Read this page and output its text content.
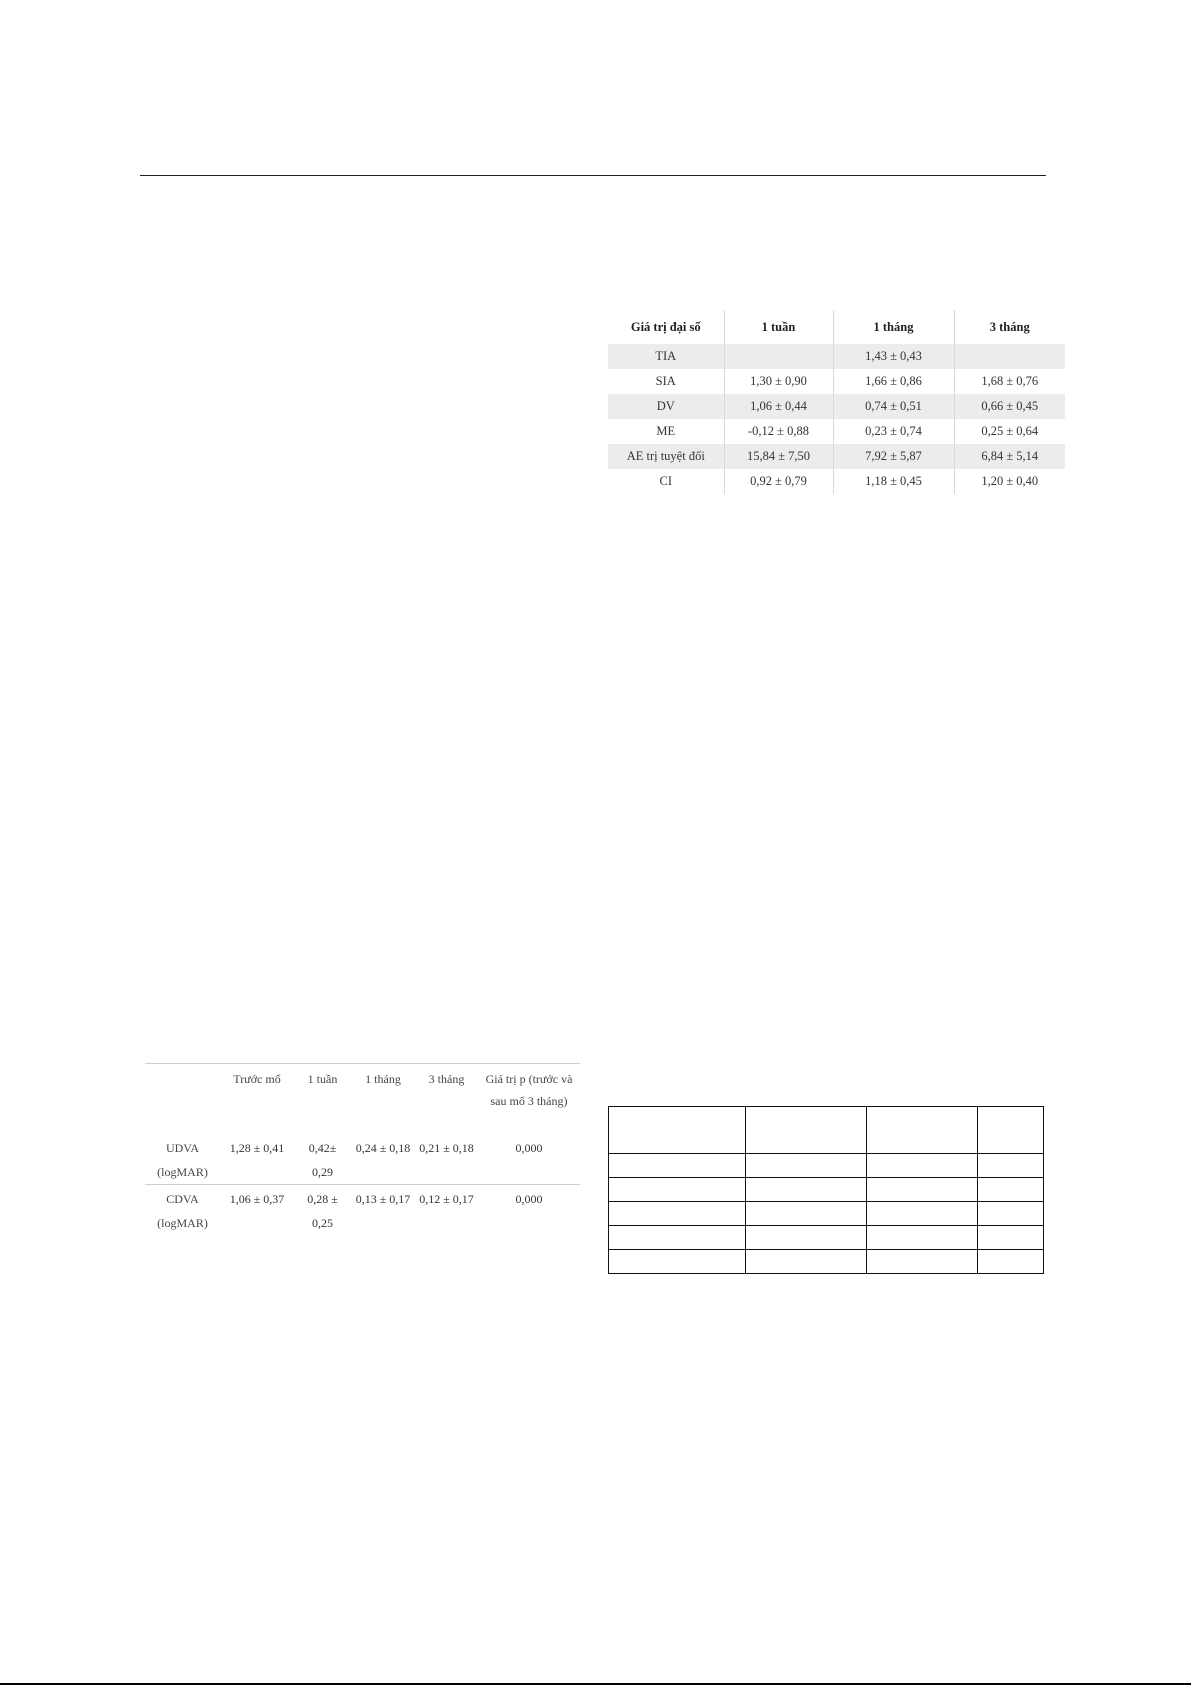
Giá trị đại số	1 tuần	1 tháng	3 tháng
TIA		1,43 ± 0,43	
SIA	1,30 ± 0,90	1,66 ± 0,86	1,68 ± 0,76
DV	1,06 ± 0,44	0,74 ± 0,51	0,66 ± 0,45
ME	-0,12 ± 0,88	0,23 ± 0,74	0,25 ± 0,64
AE trị tuyệt đối	15,84 ± 7,50	7,92 ± 5,87	6,84 ± 5,14
CI	0,92 ± 0,79	1,18 ± 0,45	1,20 ± 0,40
	Trước mổ	1 tuần	1 tháng	3 tháng	Giá trị p (trước và sau mổ 3 tháng)
UDVA (logMAR)	1,28 ± 0,41	0,42± 0,29	0,24 ± 0,18	0,21 ± 0,18	0,000
CDVA (logMAR)	1,06 ± 0,37	0,28 ± 0,25	0,13 ± 0,17	0,12 ± 0,17	0,000
